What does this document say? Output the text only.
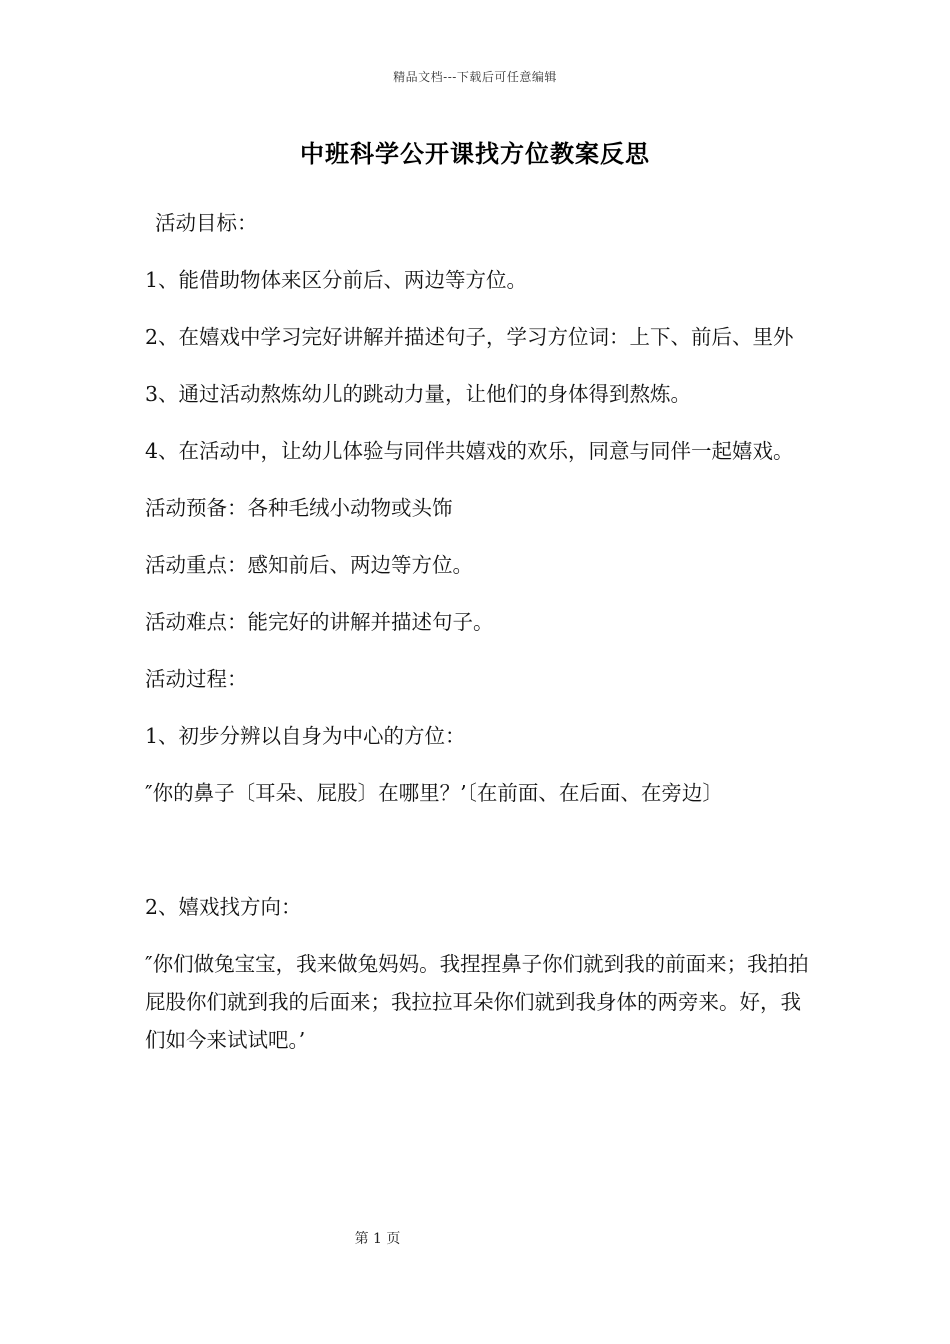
精品文档---下载后可任意编辑
中班科学公开课找方位教案反思

活动目标：

1、能借助物体来区分前后、两边等方位。

2、在嬉戏中学习完好讲解并描述句子，学习方位词：上下、前后、里外

3、通过活动熬炼幼儿的跳动力量，让他们的身体得到熬炼。

4、在活动中，让幼儿体验与同伴共嬉戏的欢乐，同意与同伴一起嬉戏。

活动预备：各种毛绒小动物或头饰

活动重点：感知前后、两边等方位。

活动难点：能完好的讲解并描述句子。

活动过程：

1、初步分辨以自身为中心的方位：

″你的鼻子〔耳朵、屁股〕在哪里？’〔在前面、在后面、在旁边〕

2、嬉戏找方向：

″你们做兔宝宝，我来做兔妈妈。我捏捏鼻子你们就到我的前面来；我拍拍屁股你们就到我的后面来；我拉拉耳朵你们就到我身体的两旁来。好，我们如今来试试吧。’

第 1 页
